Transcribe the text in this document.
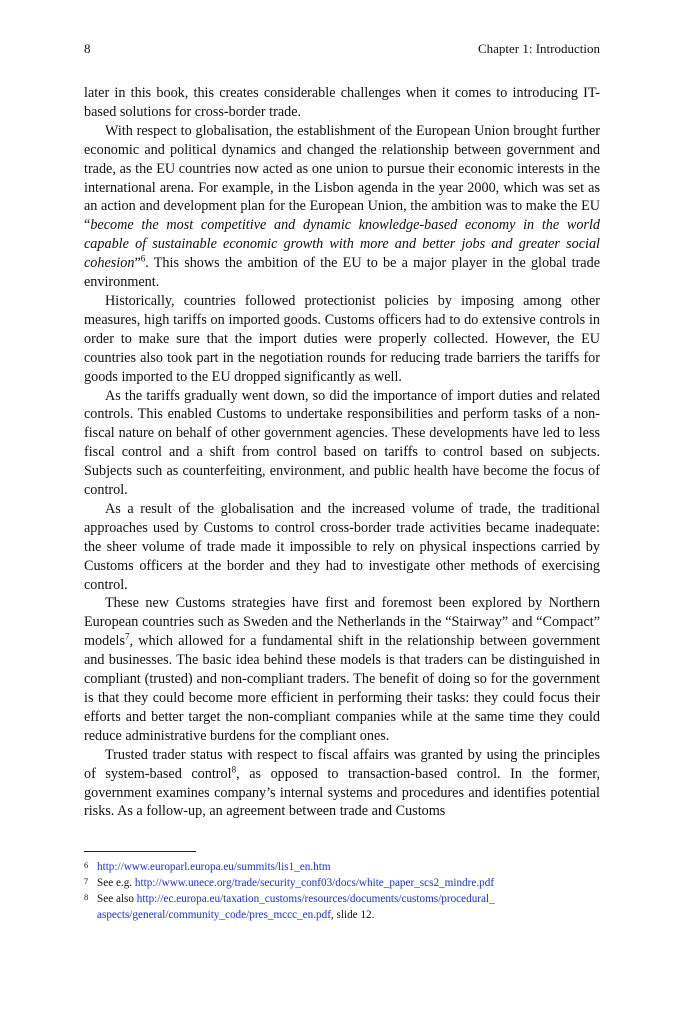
8	Chapter 1: Introduction

later in this book, this creates considerable challenges when it comes to introducing IT-based solutions for cross-border trade.

With respect to globalisation, the establishment of the European Union brought further economic and political dynamics and changed the relationship between government and trade, as the EU countries now acted as one union to pursue their economic interests in the international arena. For example, in the Lisbon agenda in the year 2000, which was set as an action and development plan for the European Union, the ambition was to make the EU “become the most competitive and dynamic knowledge-based economy in the world capable of sustainable economic growth with more and better jobs and greater social cohesion”$^6$. This shows the ambition of the EU to be a major player in the global trade environment.

Historically, countries followed protectionist policies by imposing among other measures, high tariffs on imported goods. Customs officers had to do extensive controls in order to make sure that the import duties were properly collected. However, the EU countries also took part in the negotiation rounds for reducing trade barriers the tariffs for goods imported to the EU dropped significantly as well.

As the tariffs gradually went down, so did the importance of import duties and related controls. This enabled Customs to undertake responsibilities and perform tasks of a non-fiscal nature on behalf of other government agencies. These developments have led to less fiscal control and a shift from control based on tariffs to control based on subjects. Subjects such as counterfeiting, environment, and public health have become the focus of control.

As a result of the globalisation and the increased volume of trade, the traditional approaches used by Customs to control cross-border trade activities became inadequate: the sheer volume of trade made it impossible to rely on physical inspections carried by Customs officers at the border and they had to investigate other methods of exercising control.

These new Customs strategies have first and foremost been explored by Northern European countries such as Sweden and the Netherlands in the “Stairway” and “Compact” models$^7$, which allowed for a fundamental shift in the relationship between government and businesses. The basic idea behind these models is that traders can be distinguished in compliant (trusted) and non-compliant traders. The benefit of doing so for the government is that they could become more efficient in performing their tasks: they could focus their efforts and better target the non-compliant companies while at the same time they could reduce administrative burdens for the compliant ones.

Trusted trader status with respect to fiscal affairs was granted by using the principles of system-based control$^8$, as opposed to transaction-based control. In the former, government examines company’s internal systems and procedures and identifies potential risks. As a follow-up, an agreement between trade and Customs

6 http://www.europarl.europa.eu/summits/lis1_en.htm
7 See e.g. http://www.unece.org/trade/security_conf03/docs/white_paper_scs2_mindre.pdf
8 See also http://ec.europa.eu/taxation_customs/resources/documents/customs/procedural_ aspects/general/community_code/pres_mccc_en.pdf, slide 12.
